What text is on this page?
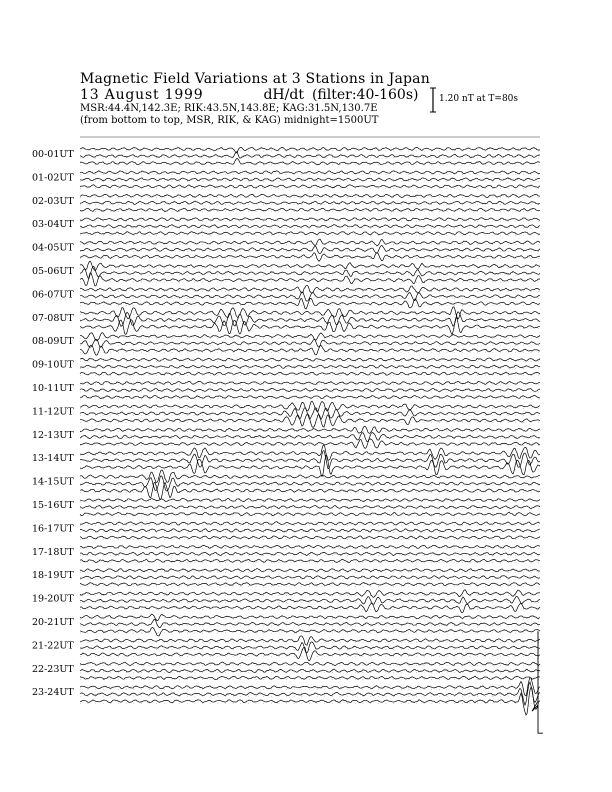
Magnetic Field Variations at 3 Stations in Japan
13 August 1999	dH/dt (filter:40-160s)
MSR:44.4N,142.3E; RIK:43.5N,143.8E; KAG:31.5N,130.7E
(from bottom to top, MSR, RIK, & KAG) midnight=1500UT
1.20 nT at T=80s
00-01UT
01-02UT
02-03UT
03-04UT
04-05UT
05-06UT
06-07UT
07-08UT
08-09UT
09-10UT
10-11UT
11-12UT
12-13UT
13-14UT
14-15UT
15-16UT
16-17UT
17-18UT
18-19UT
19-20UT
20-21UT
21-22UT
22-23UT
23-24UT
